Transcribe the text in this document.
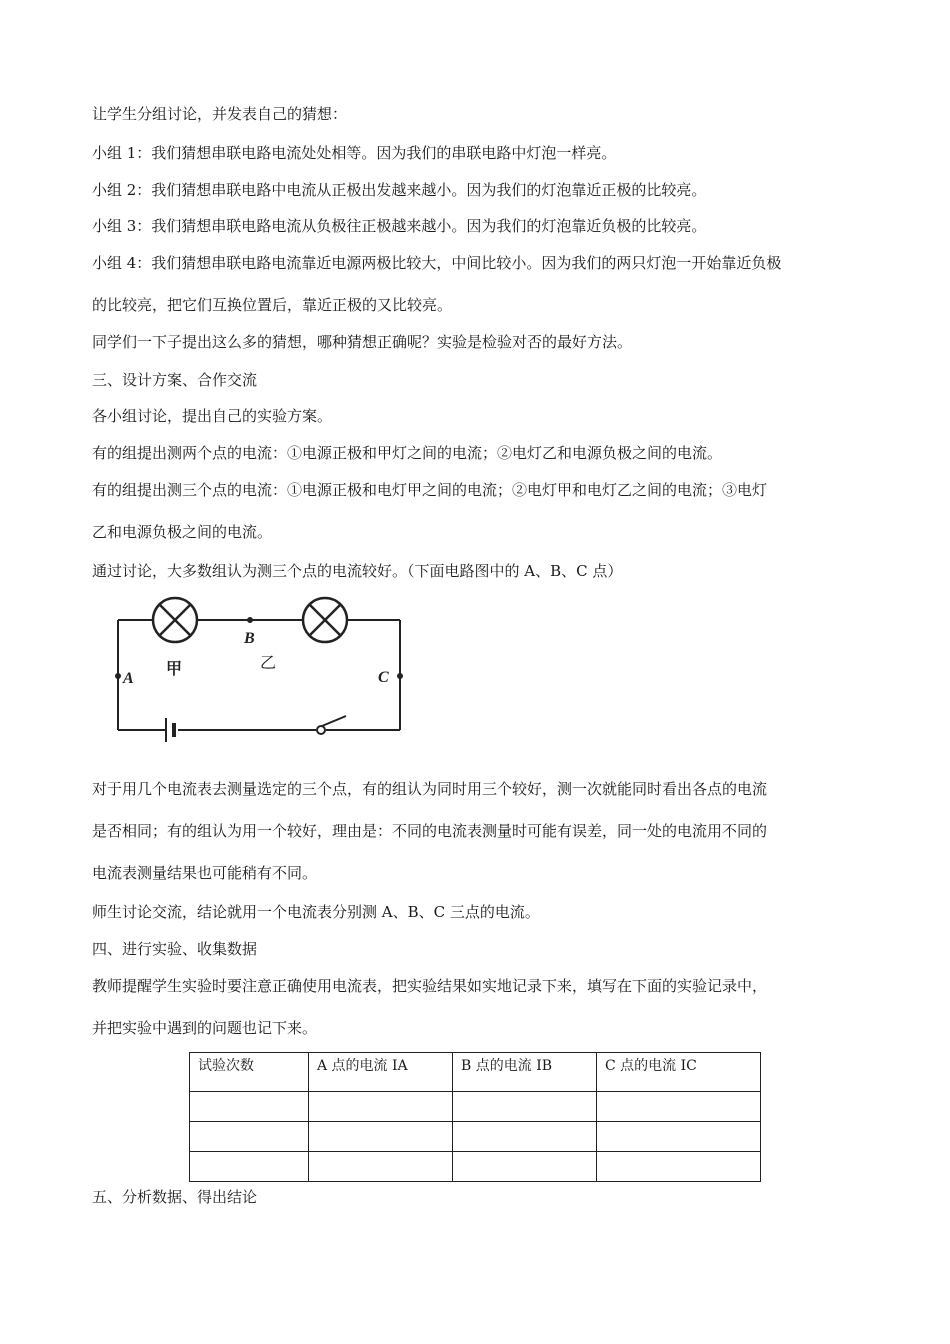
让学生分组讨论，并发表自己的猜想：
小组 1：我们猜想串联电路电流处处相等。因为我们的串联电路中灯泡一样亮。
小组 2：我们猜想串联电路中电流从正极出发越来越小。因为我们的灯泡靠近正极的比较亮。
小组 3：我们猜想串联电路电流从负极往正极越来越小。因为我们的灯泡靠近负极的比较亮。
小组 4：我们猜想串联电路电流靠近电源两极比较大，中间比较小。因为我们的两只灯泡一开始靠近负极
的比较亮，把它们互换位置后，靠近正极的又比较亮。
同学们一下子提出这么多的猜想，哪种猜想正确呢？实验是检验对否的最好方法。
三、设计方案、合作交流
各小组讨论，提出自己的实验方案。
有的组提出测两个点的电流：①电源正极和甲灯之间的电流；②电灯乙和电源负极之间的电流。
有的组提出测三个点的电流：①电源正极和电灯甲之间的电流；②电灯甲和电灯乙之间的电流；③电灯
乙和电源负极之间的电流。
通过讨论，大多数组认为测三个点的电流较好。（下面电路图中的 A、B、C 点）
A
B
C
甲	乙
对于用几个电流表去测量选定的三个点，有的组认为同时用三个较好，测一次就能同时看出各点的电流
是否相同；有的组认为用一个较好，理由是：不同的电流表测量时可能有误差，同一处的电流用不同的
电流表测量结果也可能稍有不同。
师生讨论交流，结论就用一个电流表分别测 A、B、C 三点的电流。
四、进行实验、收集数据
教师提醒学生实验时要注意正确使用电流表，把实验结果如实地记录下来，填写在下面的实验记录中，
并把实验中遇到的问题也记下来。
试验次数	A 点的电流 IA	B 点的电流 IB	C 点的电流 IC

五、分析数据、得出结论
